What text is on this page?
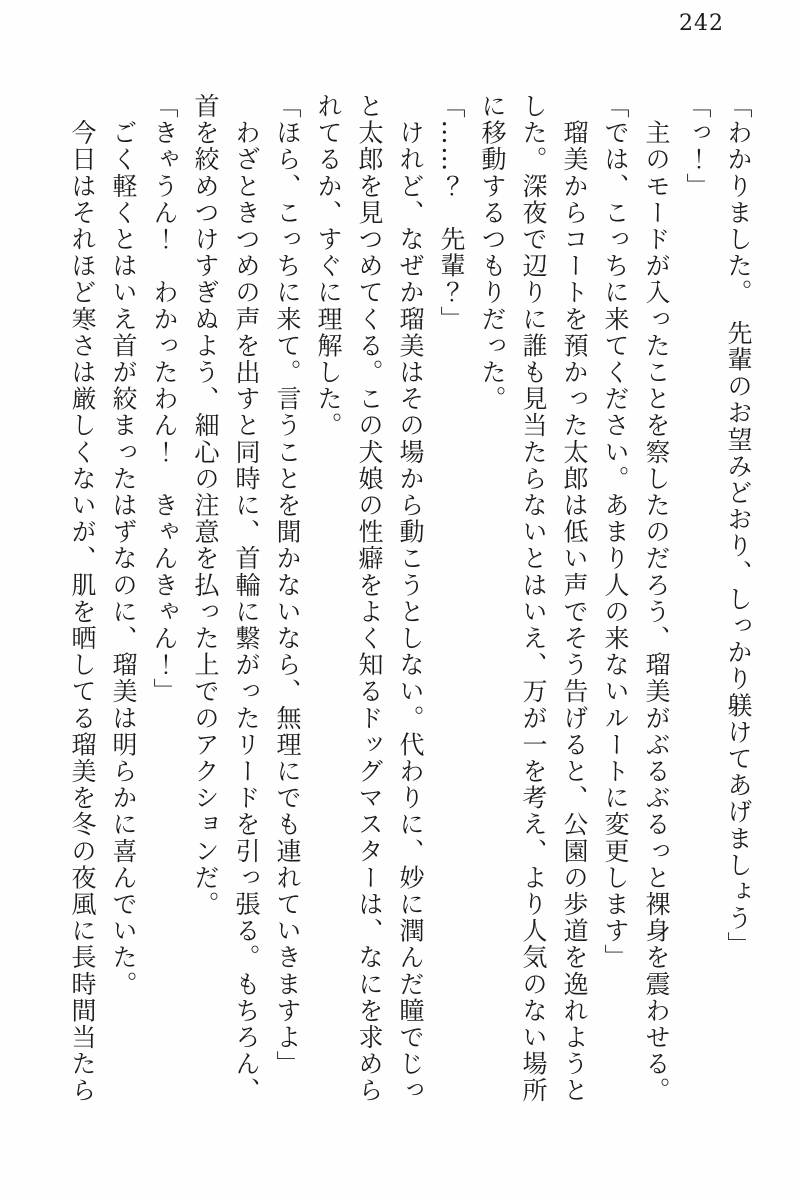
242

「わかりました。　先輩のお望みどおり、しっかり躾けてあげましょう」

「っ！」

　主のモードが入ったことを察したのだろう、瑠美がぶるぶるっと裸身を震わせる。

「では、こっちに来てください。あまり人の来ないルートに変更します」

　瑠美からコートを預かった太郎は低い声でそう告げると、公園の歩道を逸れようと

した。深夜で辺りに誰も見当たらないとはいえ、万が一を考え、より人気のない場所

に移動するつもりだった。

「……？　先輩？」

　けれど、なぜか瑠美はその場から動こうとしない。代わりに、妙に潤んだ瞳でじっ

と太郎を見つめてくる。この犬娘の性癖をよく知るドッグマスターは、なにを求めら

れてるか、すぐに理解した。

「ほら、こっちに来て。言うことを聞かないなら、無理にでも連れていきますよ」

　わざときつめの声を出すと同時に、首輪に繋がったリードを引っ張る。もちろん、

首を絞めつけすぎぬよう、細心の注意を払った上でのアクションだ。

「きゃうん！　わかったわん！　きゃんきゃん！」

　ごく軽くとはいえ首が絞まったはずなのに、瑠美は明らかに喜んでいた。

　今日はそれほど寒さは厳しくないが、肌を晒してる瑠美を冬の夜風に長時間当たら
